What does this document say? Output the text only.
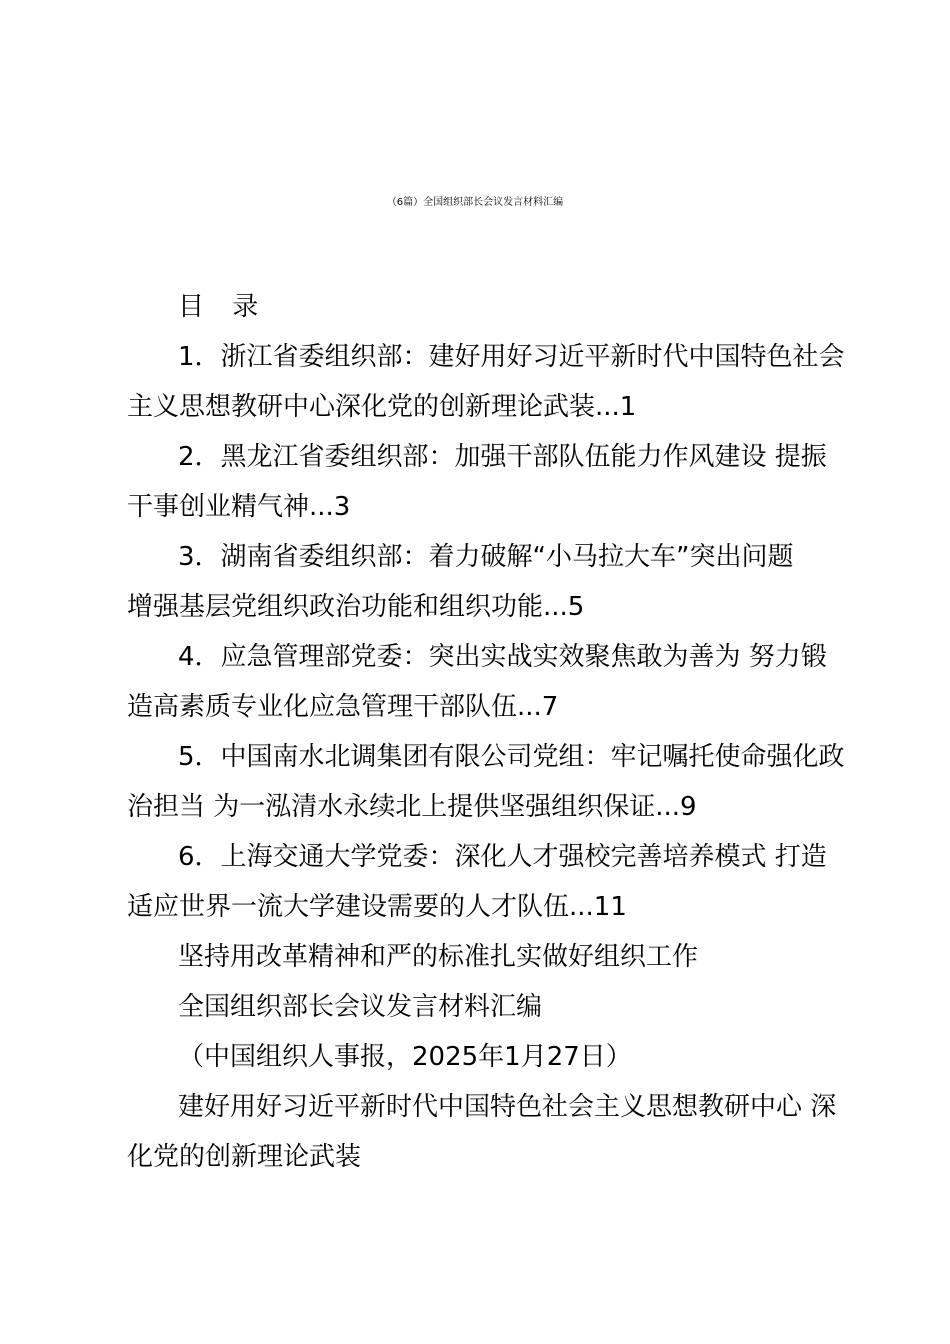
（6篇）全国组织部长会议发言材料汇编
目 录
1．浙江省委组织部：建好用好习近平新时代中国特色社会
主义思想教研中心深化党的创新理论武装...1
2．黑龙江省委组织部：加强干部队伍能力作风建设 提振
干事创业精气神...3
3．湖南省委组织部：着力破解“小马拉大车”突出问题
增强基层党组织政治功能和组织功能...5
4．应急管理部党委：突出实战实效聚焦敢为善为 努力锻
造高素质专业化应急管理干部队伍...7
5．中国南水北调集团有限公司党组：牢记嘱托使命强化政
治担当 为一泓清水永续北上提供坚强组织保证...9
6．上海交通大学党委：深化人才强校完善培养模式 打造
适应世界一流大学建设需要的人才队伍...11
坚持用改革精神和严的标准扎实做好组织工作
全国组织部长会议发言材料汇编
（中国组织人事报，2025年1月27日）
建好用好习近平新时代中国特色社会主义思想教研中心 深
化党的创新理论武装
